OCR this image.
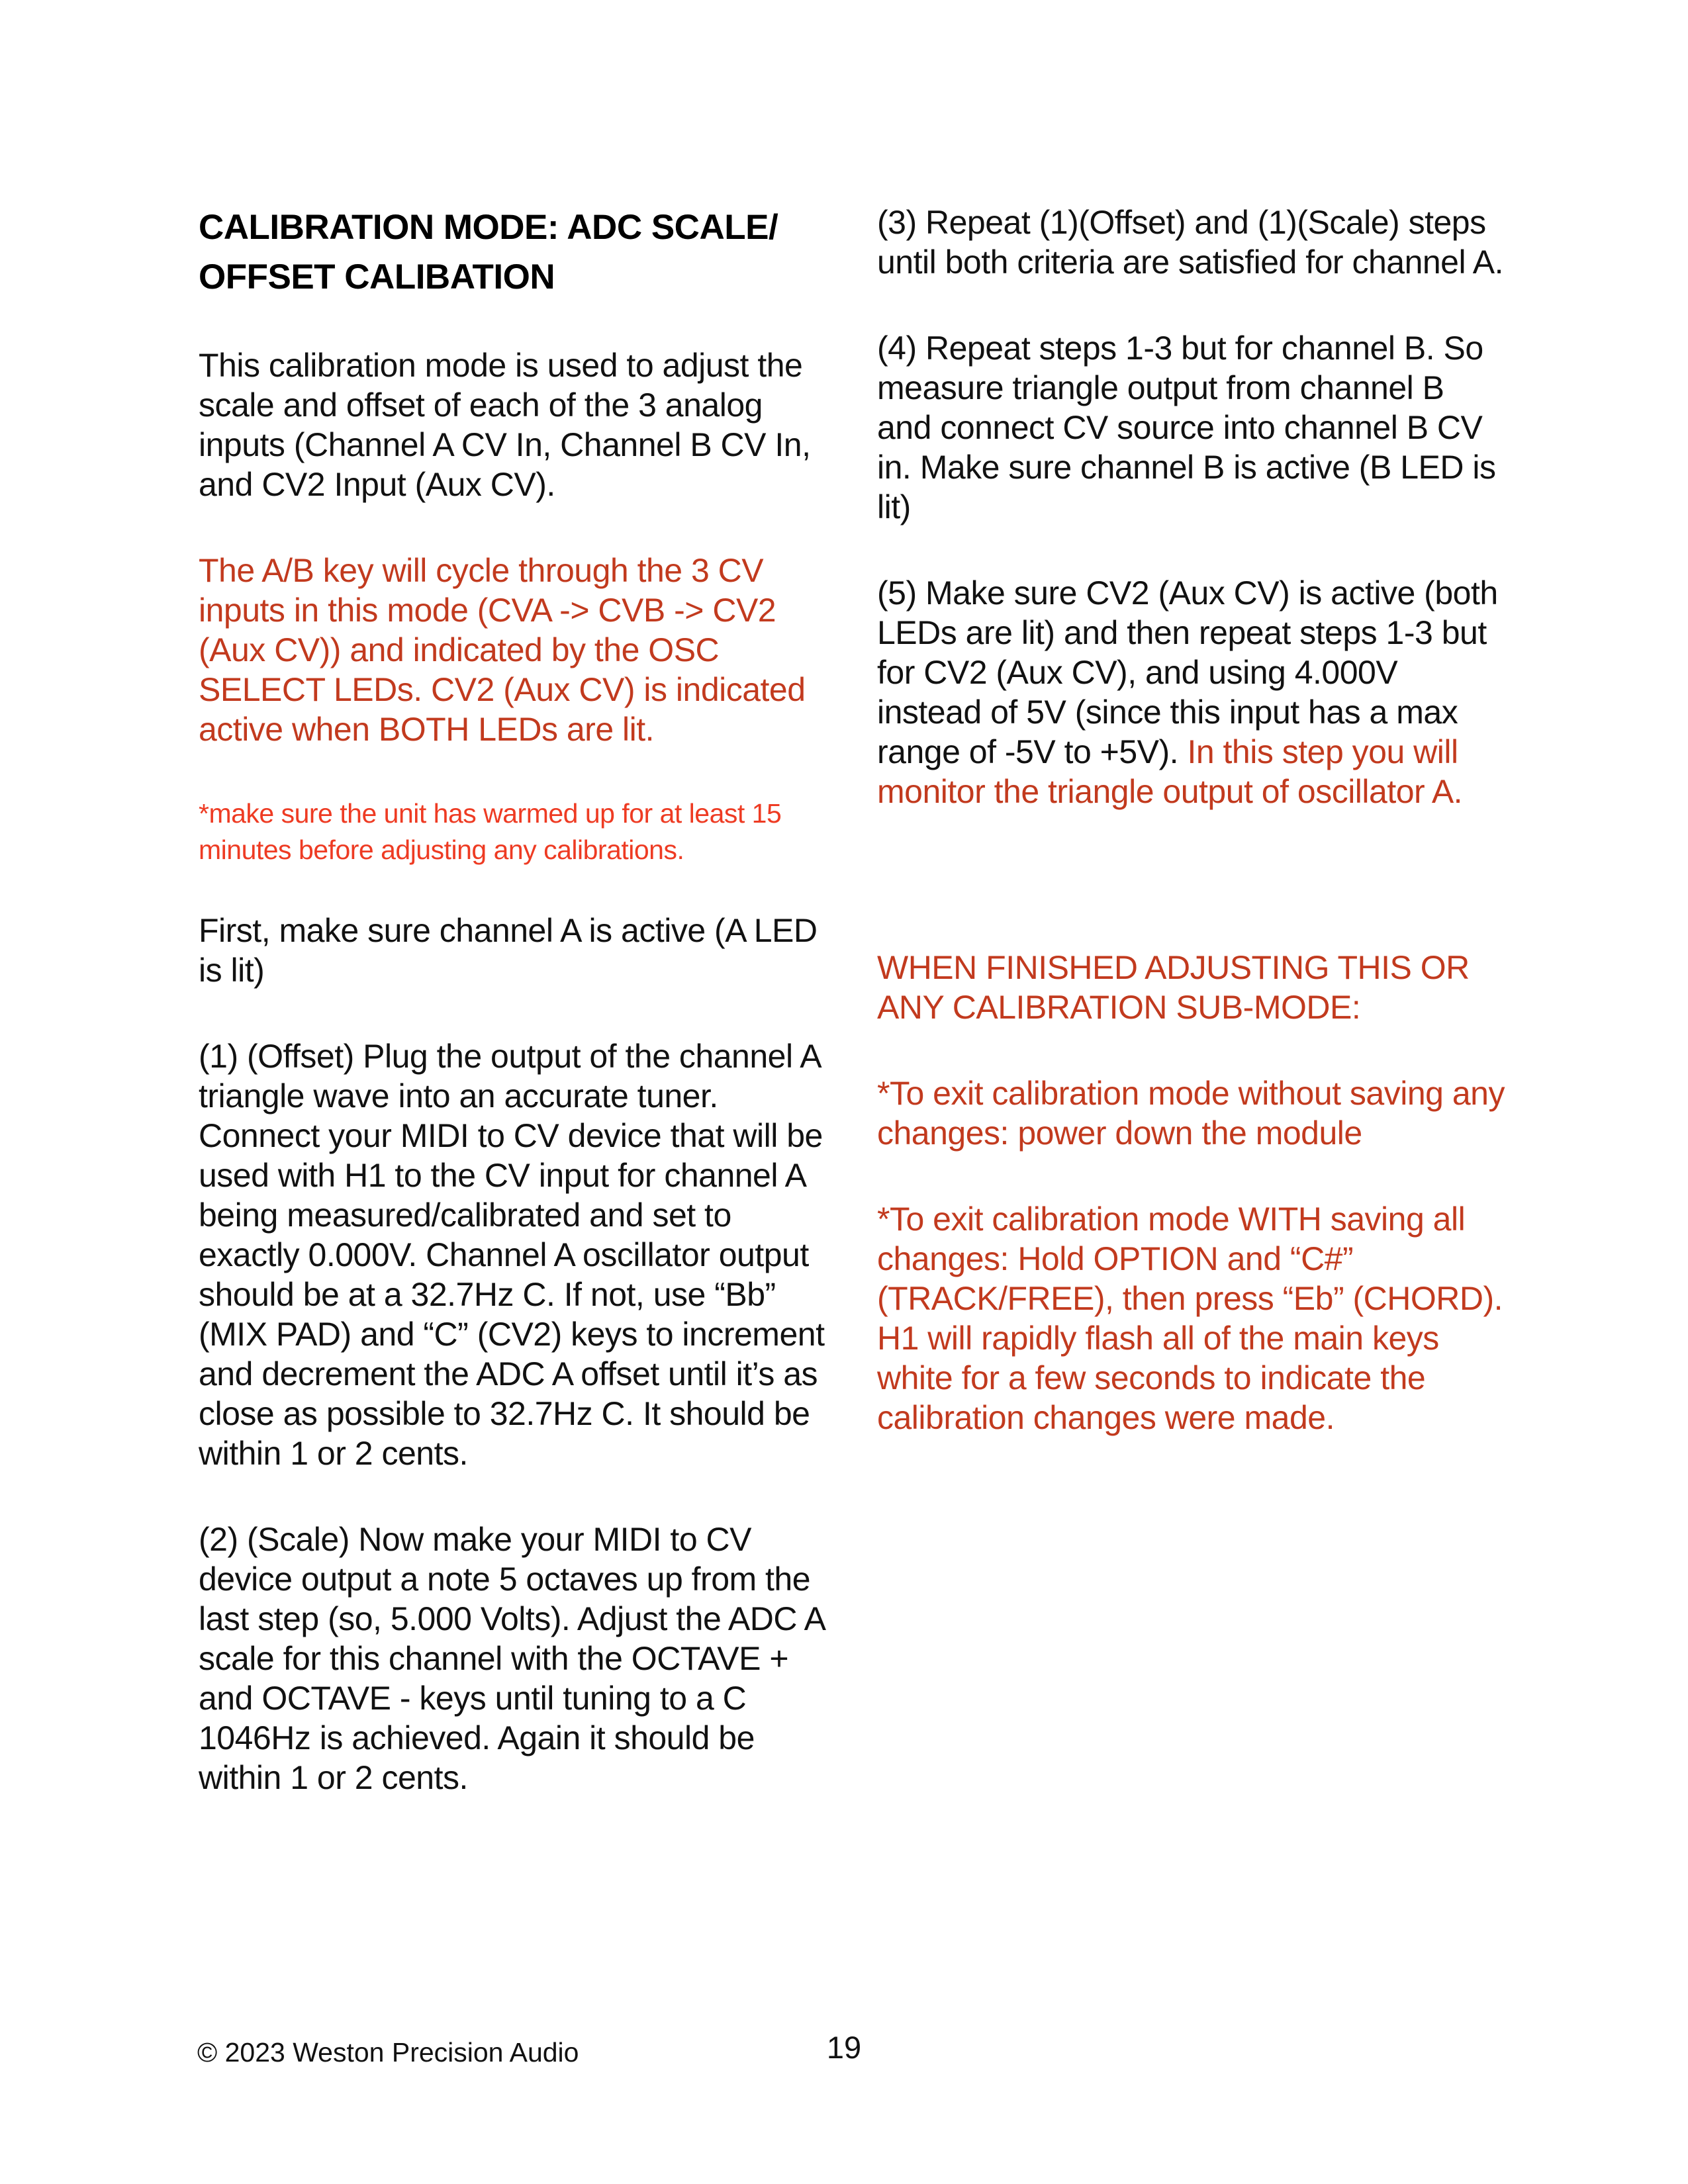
CALIBRATION MODE: ADC SCALE/
OFFSET CALIBATION

This calibration mode is used to adjust the scale and offset of each of the 3 analog inputs (Channel A CV In, Channel B CV In, and CV2 Input (Aux CV).

The A/B key will cycle through the 3 CV inputs in this mode (CVA -> CVB -> CV2 (Aux CV)) and indicated by the OSC SELECT LEDs. CV2 (Aux CV) is indicated active when BOTH LEDs are lit.

*make sure the unit has warmed up for at least 15 minutes before adjusting any calibrations.

First, make sure channel A is active (A LED is lit)

(1) (Offset) Plug the output of the channel A triangle wave into an accurate tuner. Connect your MIDI to CV device that will be used with H1 to the CV input for channel A being measured/calibrated and set to exactly 0.000V. Channel A oscillator output should be at a 32.7Hz C. If not, use “Bb” (MIX PAD) and “C” (CV2) keys to increment and decrement the ADC A offset until it’s as close as possible to 32.7Hz C. It should be within 1 or 2 cents.

(2) (Scale) Now make your MIDI to CV device output a note 5 octaves up from the last step (so, 5.000 Volts). Adjust the ADC A scale for this channel with the OCTAVE + and OCTAVE - keys until tuning to a C 1046Hz is achieved. Again it should be within 1 or 2 cents.

(3) Repeat (1)(Offset) and (1)(Scale) steps until both criteria are satisfied for channel A.

(4) Repeat steps 1-3 but for channel B. So measure triangle output from channel B and connect CV source into channel B CV in. Make sure channel B is active (B LED is lit)

(5) Make sure CV2 (Aux CV) is active (both LEDs are lit) and then repeat steps 1-3 but for CV2 (Aux CV), and using 4.000V instead of 5V (since this input has a max range of -5V to +5V). In this step you will monitor the triangle output of oscillator A.

WHEN FINISHED ADJUSTING THIS OR ANY CALIBRATION SUB-MODE:

*To exit calibration mode without saving any changes: power down the module

*To exit calibration mode WITH saving all changes: Hold OPTION and “C#” (TRACK/FREE), then press “Eb” (CHORD). H1 will rapidly flash all of the main keys white for a few seconds to indicate the calibration changes were made.

© 2023 Weston Precision Audio	19
